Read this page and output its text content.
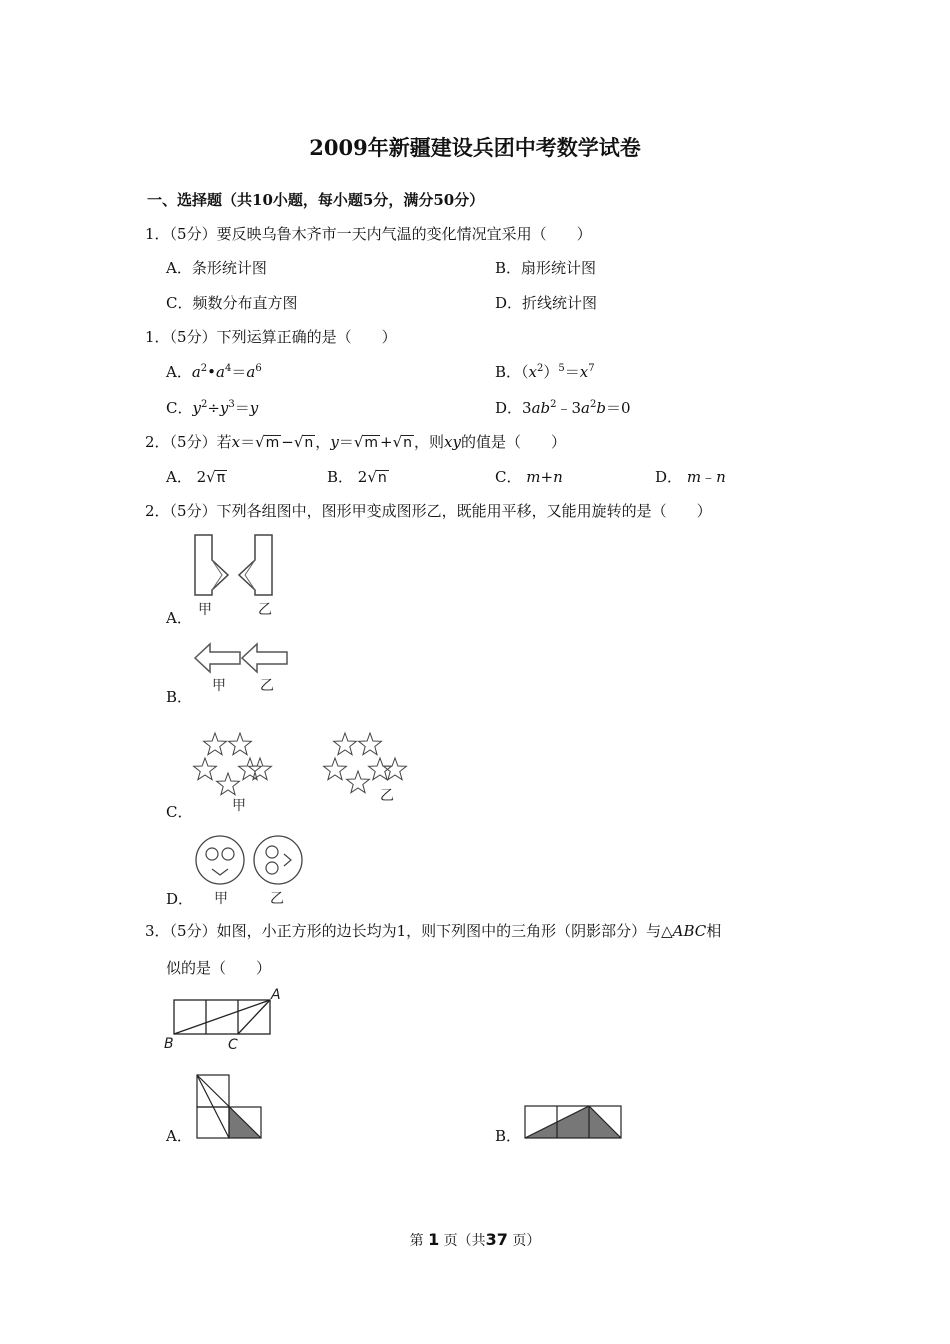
2009年新疆建设兵团中考数学试卷
一、选择题（共10小题，每小题5分，满分50分）
1．（5分）要反映乌鲁木齐市一天内气温的变化情况宜采用（　　）
A．条形统计图	B．扇形统计图
C．频数分布直方图	D．折线统计图
1．（5分）下列运算正确的是（　　）
A．$a^2•a^4=a^6$	B．$(x^2)^5=x^7$
C．$y^2\div y^3=y$	D．$3ab^2﹣3a^2b=0$
2．（5分）若x＝√m −√n ，y＝√m +√n ，则xy的值是（　　）
A． 2√π	B． 2√n	C． m+n	D． m﹣n
2．（5分）下列各组图中，图形甲变成图形乙，既能用平移，又能用旋转的是（　　）
A． 甲	乙
B．
甲 乙
C．	甲
乙
D． 甲	乙
3．（5分）如图，小正方形的边长均为1，则下列图中的三角形（阴影部分）与△ABC相
似的是（　　）
A
B	C
A．	B．
第 1 页（共37 页）
